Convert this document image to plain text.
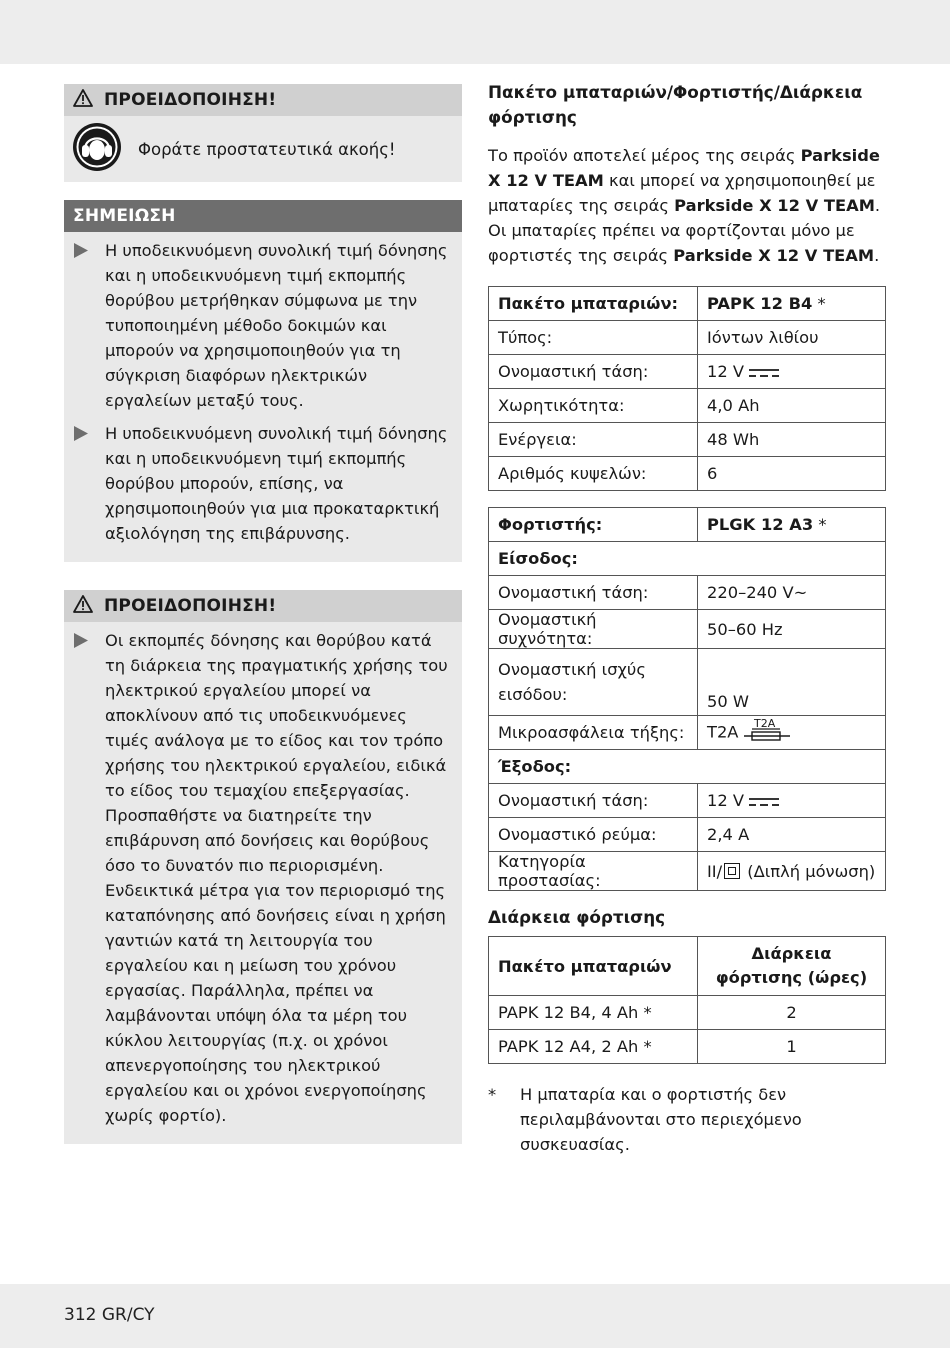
ΠΡΟΕΙΔΟΠΟΙΗΣΗ!
Φοράτε προστατευτικά ακοής!
ΣΗΜΕΙΩΣΗ
Η υποδεικνυόμενη συνολική τιμή δόνησης και η υποδεικνυόμενη τιμή εκπομπής θορύβου μετρήθηκαν σύμφωνα με την τυποποιημένη μέθοδο δοκιμών και μπορούν να χρησιμοποιηθούν για τη σύγκριση διαφόρων ηλεκτρικών εργαλείων μεταξύ τους.
Η υποδεικνυόμενη συνολική τιμή δόνησης και η υποδεικνυόμενη τιμή εκπομπής θορύβου μπορούν, επίσης, να χρησιμοποιηθούν για μια προκαταρκτική αξιολόγηση της επιβάρυνσης.
ΠΡΟΕΙΔΟΠΟΙΗΣΗ!
Οι εκπομπές δόνησης και θορύβου κατά τη διάρκεια της πραγματικής χρήσης του ηλεκτρικού εργαλείου μπορεί να αποκλίνουν από τις υποδεικνυόμενες τιμές ανάλογα με το είδος και τον τρόπο χρήσης του ηλεκτρικού εργαλείου, ειδικά το είδος του τεμαχίου επεξεργασίας.
Προσπαθήστε να διατηρείτε την επιβάρυνση από δονήσεις και θορύβους όσο το δυνατόν πιο περιορισμένη. Ενδεικτικά μέτρα για τον περιορισμό της καταπόνησης από δονήσεις είναι η χρήση γαντιών κατά τη λειτουργία του εργαλείου και η μείωση του χρόνου εργασίας. Παράλληλα, πρέπει να λαμβάνονται υπόψη όλα τα μέρη του κύκλου λειτουργίας (π.χ. οι χρόνοι απενεργοποίησης του ηλεκτρικού εργαλείου και οι χρόνοι ενεργοποίησης χωρίς φορτίο).
Πακέτο μπαταριών/Φορτιστής/Διάρκεια φόρτισης
Το προϊόν αποτελεί μέρος της σειράς Parkside X 12 V TEAM και μπορεί να χρησιμοποιηθεί με μπαταρίες της σειράς Parkside X 12 V TEAM. Οι μπαταρίες πρέπει να φορτίζονται μόνο με φορτιστές της σειράς Parkside X 12 V TEAM.
Πακέτο μπαταριών:	PAPK 12 B4 *
Τύπος:	Ιόντων λιθίου
Ονομαστική τάση:	12 V
Χωρητικότητα:	4,0 Ah
Ενέργεια:	48 Wh
Αριθμός κυψελών:	6
Φορτιστής:	PLGK 12 A3 *
Είσοδος:	
Ονομαστική τάση:	220–240 V~
Ονομαστική συχνότητα:	50–60 Hz
Ονομαστική ισχύς εισόδου:	50 W
Μικροασφάλεια τήξης:	T2A T2A

Έξοδος:	
Ονομαστική τάση:	12 V
Ονομαστικό ρεύμα:	2,4 A
Κατηγορία προστασίας:	II/ (Διπλή μόνωση)
Διάρκεια φόρτισης
Πακέτο μπαταριών	Διάρκεια φόρτισης (ώρες)
PAPK 12 B4, 4 Ah *	2
PAPK 12 A4, 2 Ah *	1
*	Η μπαταρία και ο φορτιστής δεν περιλαμβάνονται στο περιεχόμενο συσκευασίας.
312 GR/CY
